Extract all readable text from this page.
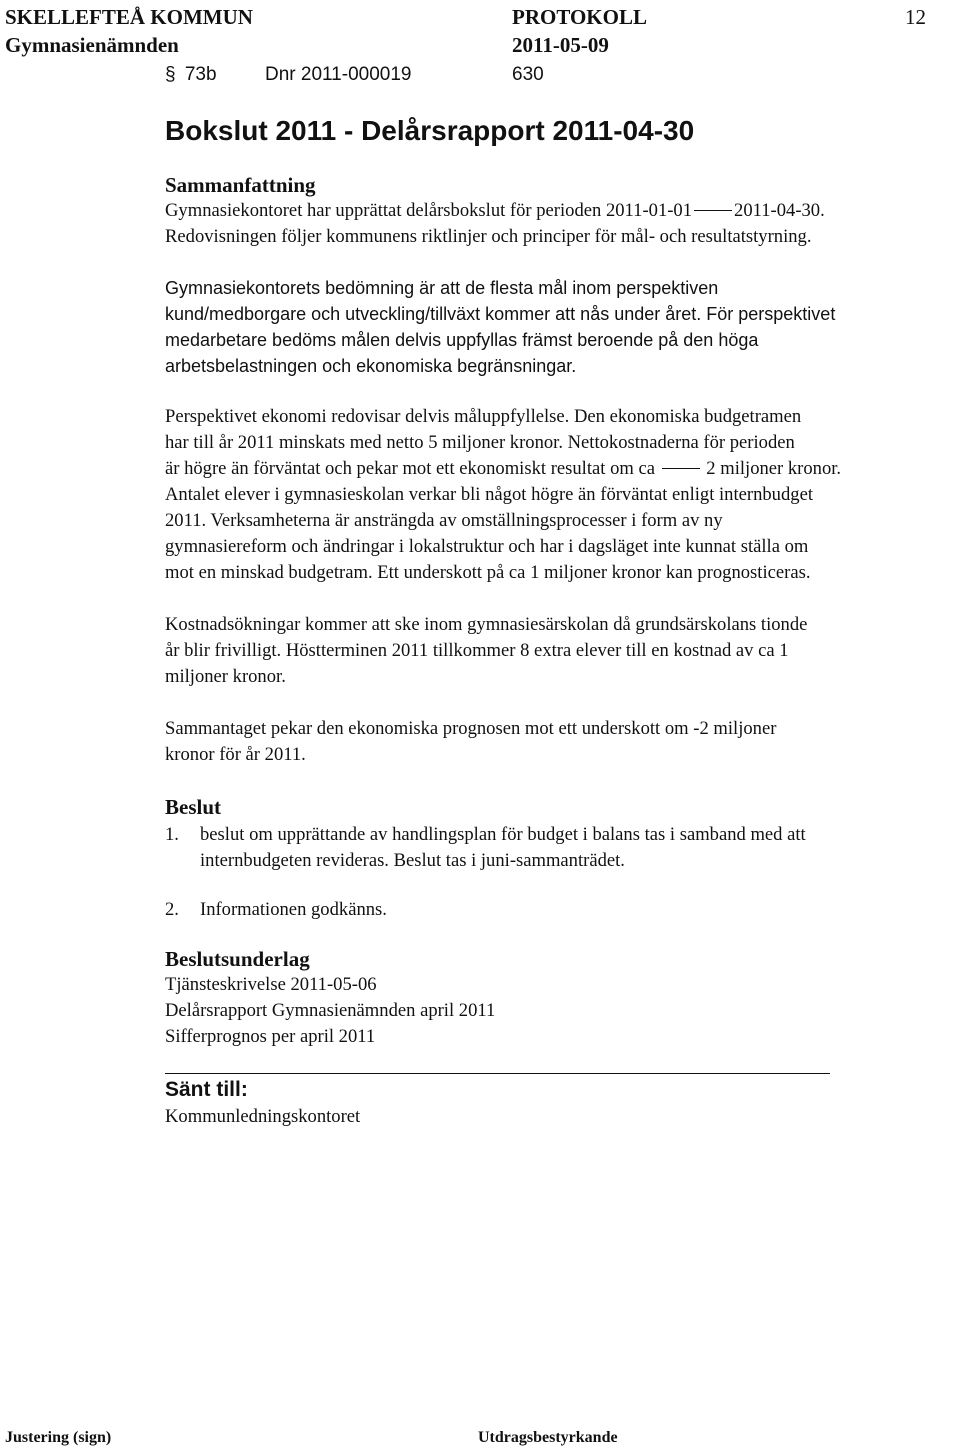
SKELLEFTEÅ KOMMUN
Gymnasienämnden
PROTOKOLL
2011-05-09
12
§ 73b	Dnr 2011-000019	630
Bokslut 2011 - Delårsrapport 2011-04-30
Sammanfattning
Gymnasiekontoret har upprättat delårsbokslut för perioden 2011-01-01 2011-04-30.
Redovisningen följer kommunens riktlinjer och principer för mål- och resultatstyrning.
Gymnasiekontorets bedömning är att de flesta mål inom perspektiven
kund/medborgare och utveckling/tillväxt kommer att nås under året. För perspektivet
medarbetare bedöms målen delvis uppfyllas främst beroende på den höga
arbetsbelastningen och ekonomiska begränsningar.
Perspektivet ekonomi redovisar delvis måluppfyllelse. Den ekonomiska budgetramen
har till år 2011 minskats med netto 5 miljoner kronor. Nettokostnaderna för perioden
är högre än förväntat och pekar mot ett ekonomiskt resultat om ca	2 miljoner kronor.
Antalet elever i gymnasieskolan verkar bli något högre än förväntat enligt internbudget
2011. Verksamheterna är ansträngda av omställningsprocesser i form av ny
gymnasiereform och ändringar i lokalstruktur och har i dagsläget inte kunnat ställa om
mot en minskad budgetram. Ett underskott på ca 1 miljoner kronor kan prognosticeras.
Kostnadsökningar kommer att ske inom gymnasiesärskolan då grundsärskolans tionde
år blir frivilligt. Höstterminen 2011 tillkommer 8 extra elever till en kostnad av ca 1
miljoner kronor.
Sammantaget pekar den ekonomiska prognosen mot ett underskott om -2 miljoner
kronor för år 2011.
Beslut
1. beslut om upprättande av handlingsplan för budget i balans tas i samband med att
internbudgeten revideras. Beslut tas i juni-sammanträdet.
2. Informationen godkänns.
Beslutsunderlag
Tjänsteskrivelse 2011-05-06
Delårsrapport Gymnasienämnden april 2011
Sifferprognos per april 2011
Sänt till:
Kommunledningskontoret
Justering (sign)	Utdragsbestyrkande
